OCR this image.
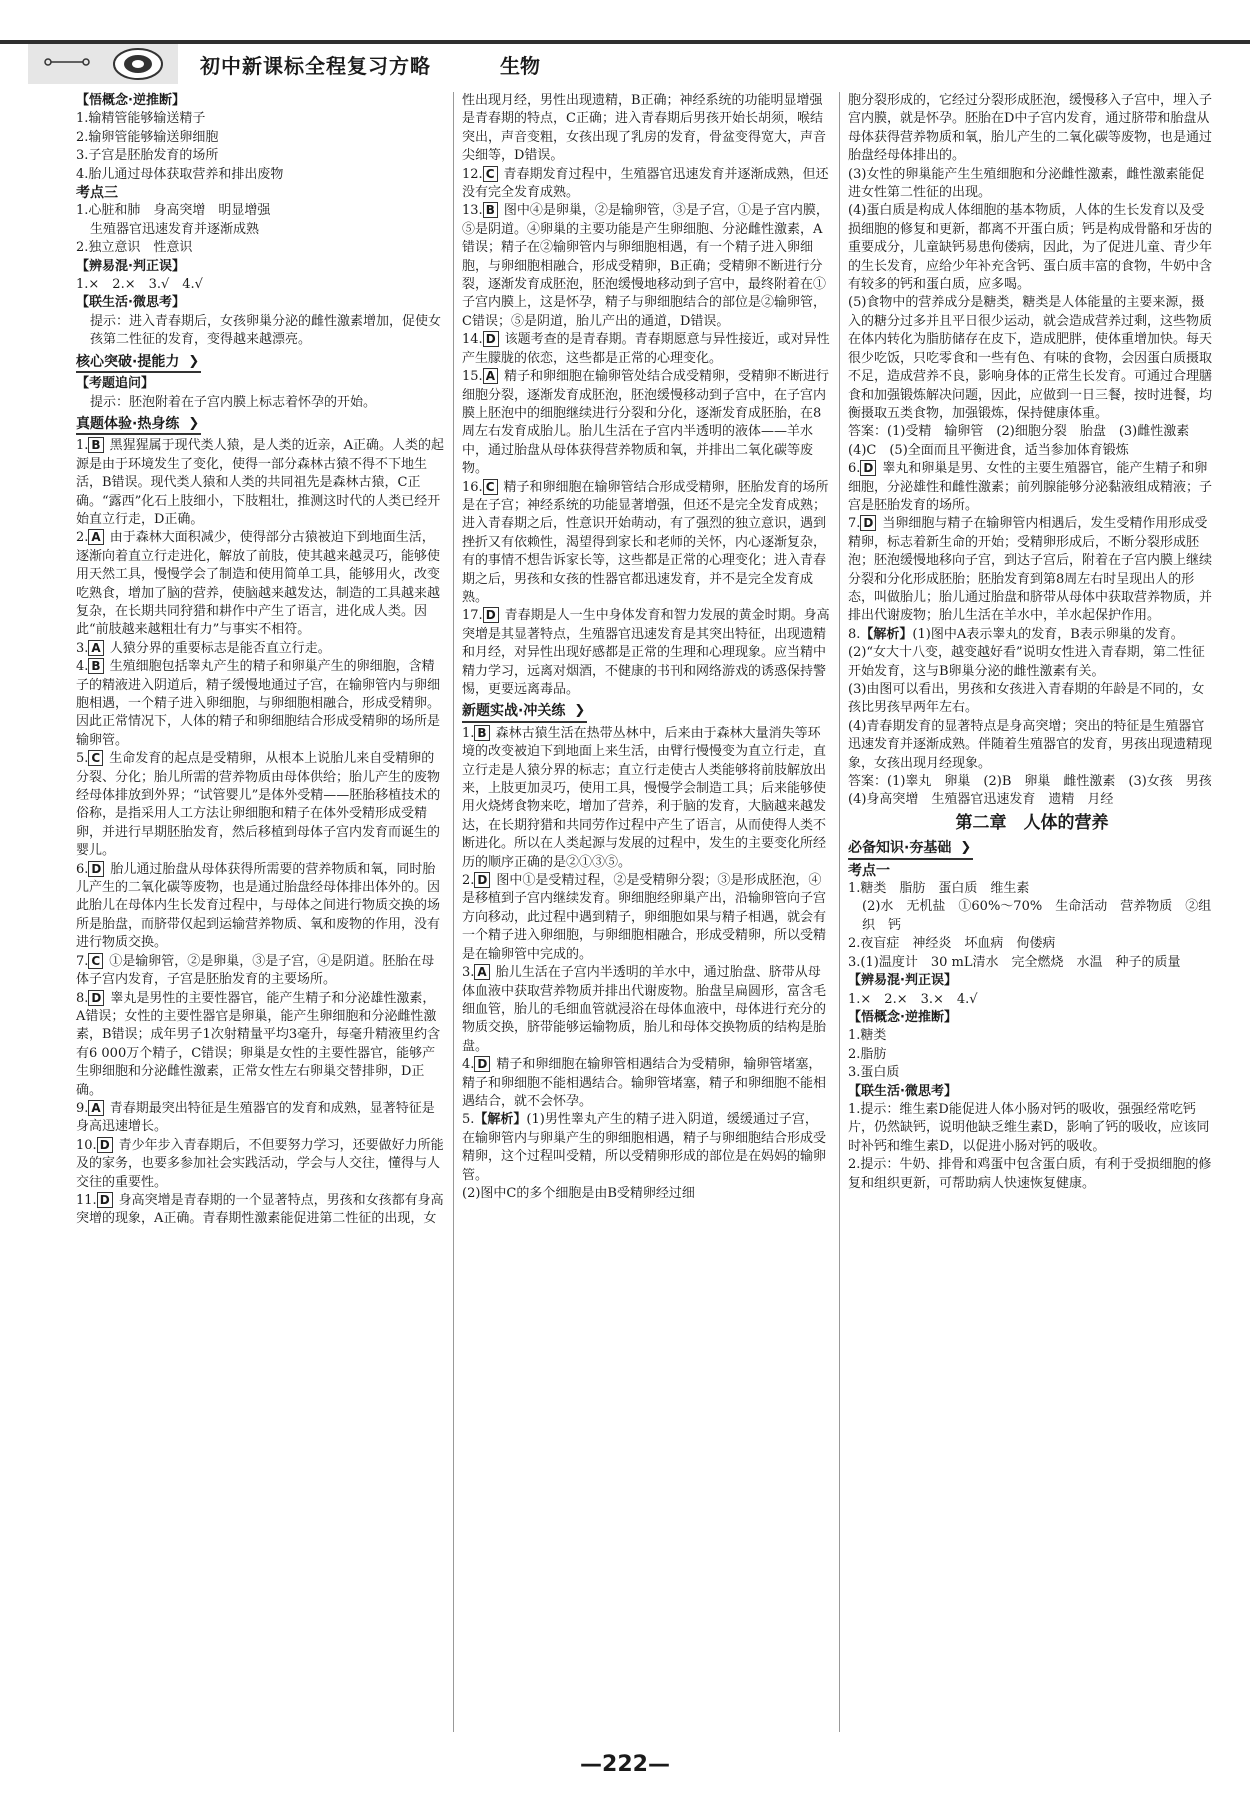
初中新课标全程复习方略	生物

【悟概念·逆推断】

1.输精管能够输送精子

2.输卵管能够输送卵细胞

3.子宫是胚胎发育的场所

4.胎儿通过母体获取营养和排出废物

考点三

1.心脏和肺　身高突增　明显增强

生殖器官迅速发育并逐渐成熟

2.独立意识　性意识

【辨易混·判正误】

1.×　2.×　3.√　4.√

【联生活·微思考】

提示：进入青春期后，女孩卵巢分泌的雌性激素增加，促使女孩第二性征的发育，变得越来越漂亮。

核心突破·提能力 ❯

【考题追问】

提示：胚泡附着在子宫内膜上标志着怀孕的开始。

真题体验·热身练 ❯

1. B 黑猩猩属于现代类人猿，是人类的近亲，A正确。人类的起源是由于环境发生了变化，使得一部分森林古猿不得不下地生活，B错误。现代类人猿和人类的共同祖先是森林古猿，C正确。“露西”化石上肢细小，下肢粗壮，推测这时代的人类已经开始直立行走，D正确。

2. A 由于森林大面积减少，使得部分古猿被迫下到地面生活，逐渐向着直立行走进化，解放了前肢，使其越来越灵巧，能够使用天然工具，慢慢学会了制造和使用简单工具，能够用火，改变吃熟食，增加了脑的营养，使脑越来越发达，制造的工具越来越复杂，在长期共同狩猎和耕作中产生了语言，进化成人类。因此“前肢越来越粗壮有力”与事实不相符。

3. A 人猿分界的重要标志是能否直立行走。

4. B 生殖细胞包括睾丸产生的精子和卵巢产生的卵细胞，含精子的精液进入阴道后，精子缓慢地通过子宫，在输卵管内与卵细胞相遇，一个精子进入卵细胞，与卵细胞相融合，形成受精卵。因此正常情况下，人体的精子和卵细胞结合形成受精卵的场所是输卵管。

5. C 生命发育的起点是受精卵，从根本上说胎儿来自受精卵的分裂、分化；胎儿所需的营养物质由母体供给；胎儿产生的废物经母体排放到外界；“试管婴儿”是体外受精——胚胎移植技术的俗称，是指采用人工方法让卵细胞和精子在体外受精形成受精卵，并进行早期胚胎发育，然后移植到母体子宫内发育而诞生的婴儿。

6. D 胎儿通过胎盘从母体获得所需要的营养物质和氧，同时胎儿产生的二氧化碳等废物，也是通过胎盘经母体排出体外的。因此胎儿在母体内生长发育过程中，与母体之间进行物质交换的场所是胎盘，而脐带仅起到运输营养物质、氧和废物的作用，没有进行物质交换。

7. C ①是输卵管，②是卵巢，③是子宫，④是阴道。胚胎在母体子宫内发育，子宫是胚胎发育的主要场所。

8. D 睾丸是男性的主要性器官，能产生精子和分泌雄性激素，A错误；女性的主要性器官是卵巢，能产生卵细胞和分泌雌性激素，B错误；成年男子1次射精量平均3毫升，每毫升精液里约含有6 000万个精子，C错误；卵巢是女性的主要性器官，能够产生卵细胞和分泌雌性激素，正常女性左右卵巢交替排卵，D正确。

9. A 青春期最突出特征是生殖器官的发育和成熟，显著特征是身高迅速增长。

10. D 青少年步入青春期后，不但要努力学习，还要做好力所能及的家务，也要多参加社会实践活动，学会与人交往，懂得与人交往的重要性。

11. D 身高突增是青春期的一个显著特点，男孩和女孩都有身高突增的现象，A正确。青春期性激素能促进第二性征的出现，女

性出现月经，男性出现遗精，B正确；神经系统的功能明显增强是青春期的特点，C正确；进入青春期后男孩开始长胡须，喉结突出，声音变粗，女孩出现了乳房的发育，骨盆变得宽大，声音尖细等，D错误。

12. C 青春期发育过程中，生殖器官迅速发育并逐渐成熟，但还没有完全发育成熟。

13. B 图中④是卵巢，②是输卵管，③是子宫，①是子宫内膜，⑤是阴道。④卵巢的主要功能是产生卵细胞、分泌雌性激素，A错误；精子在②输卵管内与卵细胞相遇，有一个精子进入卵细胞，与卵细胞相融合，形成受精卵，B正确；受精卵不断进行分裂，逐渐发育成胚泡，胚泡缓慢地移动到子宫中，最终附着在①子宫内膜上，这是怀孕，精子与卵细胞结合的部位是②输卵管，C错误；⑤是阴道，胎儿产出的通道，D错误。

14. D 该题考查的是青春期。青春期愿意与异性接近，或对异性产生朦胧的依恋，这些都是正常的心理变化。

15. A 精子和卵细胞在输卵管处结合成受精卵，受精卵不断进行细胞分裂，逐渐发育成胚泡，胚泡缓慢移动到子宫中，在子宫内膜上胚泡中的细胞继续进行分裂和分化，逐渐发育成胚胎，在8周左右发育成胎儿。胎儿生活在子宫内半透明的液体——羊水中，通过胎盘从母体获得营养物质和氧，并排出二氧化碳等废物。

16. C 精子和卵细胞在输卵管结合形成受精卵，胚胎发育的场所是在子宫；神经系统的功能显著增强，但还不是完全发育成熟；进入青春期之后，性意识开始萌动，有了强烈的独立意识，遇到挫折又有依赖性，渴望得到家长和老师的关怀，内心逐渐复杂，有的事情不想告诉家长等，这些都是正常的心理变化；进入青春期之后，男孩和女孩的性器官都迅速发育，并不是完全发育成熟。

17. D 青春期是人一生中身体发育和智力发展的黄金时期。身高突增是其显著特点，生殖器官迅速发育是其突出特征，出现遗精和月经，对异性出现好感都是正常的生理和心理现象。应当精中精力学习，远离对烟酒，不健康的书刊和网络游戏的诱惑保持警惕，更要远离毒品。

新题实战·冲关练 ❯

1. B 森林古猿生活在热带丛林中，后来由于森林大量消失等环境的改变被迫下到地面上来生活，由臂行慢慢变为直立行走，直立行走是人猿分界的标志；直立行走使古人类能够将前肢解放出来，上肢更加灵巧，使用工具，慢慢学会制造工具；后来能够使用火烧烤食物来吃，增加了营养，利于脑的发育，大脑越来越发达，在长期狩猎和共同劳作过程中产生了语言，从而使得人类不断进化。所以在人类起源与发展的过程中，发生的主要变化所经历的顺序正确的是②①③⑤。

2. D 图中①是受精过程，②是受精卵分裂；③是形成胚泡，④是移植到子宫内继续发育。卵细胞经卵巢产出，沿输卵管向子宫方向移动，此过程中遇到精子，卵细胞如果与精子相遇，就会有一个精子进入卵细胞，与卵细胞相融合，形成受精卵，所以受精是在输卵管中完成的。

3. A 胎儿生活在子宫内半透明的羊水中，通过胎盘、脐带从母体血液中获取营养物质并排出代谢废物。胎盘呈扁圆形，富含毛细血管，胎儿的毛细血管就浸浴在母体血液中，母体进行充分的物质交换，脐带能够运输物质，胎儿和母体交换物质的结构是胎盘。

4. D 精子和卵细胞在输卵管相遇结合为受精卵，输卵管堵塞，精子和卵细胞不能相遇结合。输卵管堵塞，精子和卵细胞不能相遇结合，就不会怀孕。

5.【解析】(1)男性睾丸产生的精子进入阴道，缓缓通过子宫，在输卵管内与卵巢产生的卵细胞相遇，精子与卵细胞结合形成受精卵，这个过程叫受精，所以受精卵形成的部位是在妈妈的输卵管。

(2)图中C的多个细胞是由B受精卵经过细

胞分裂形成的，它经过分裂形成胚泡，缓慢移入子宫中，埋入子宫内膜，就是怀孕。胚胎在D中子宫内发育，通过脐带和胎盘从母体获得营养物质和氧，胎儿产生的二氧化碳等废物，也是通过胎盘经母体排出的。

(3)女性的卵巢能产生生殖细胞和分泌雌性激素，雌性激素能促进女性第二性征的出现。

(4)蛋白质是构成人体细胞的基本物质，人体的生长发育以及受损细胞的修复和更新，都离不开蛋白质；钙是构成骨骼和牙齿的重要成分，儿童缺钙易患佝偻病，因此，为了促进儿童、青少年的生长发育，应给少年补充含钙、蛋白质丰富的食物，牛奶中含有较多的钙和蛋白质，应多喝。

(5)食物中的营养成分是糖类，糖类是人体能量的主要来源，摄入的糖分过多并且平日很少运动，就会造成营养过剩，这些物质在体内转化为脂肪储存在皮下，造成肥胖，使体重增加快。每天很少吃饭，只吃零食和一些有色、有味的食物，会因蛋白质摄取不足，造成营养不良，影响身体的正常生长发育。可通过合理膳食和加强锻炼解决问题，因此，应做到一日三餐，按时进餐，均衡摄取五类食物，加强锻炼，保持健康体重。

答案：(1)受精　输卵管　(2)细胞分裂　胎盘　(3)雌性激素　(4)C　(5)全面而且平衡进食，适当参加体育锻炼

6. D 睾丸和卵巢是男、女性的主要生殖器官，能产生精子和卵细胞，分泌雄性和雌性激素；前列腺能够分泌黏液组成精液；子宫是胚胎发育的场所。

7. D 当卵细胞与精子在输卵管内相遇后，发生受精作用形成受精卵，标志着新生命的开始；受精卵形成后，不断分裂形成胚泡；胚泡缓慢地移向子宫，到达子宫后，附着在子宫内膜上继续分裂和分化形成胚胎；胚胎发育到第8周左右时呈现出人的形态，叫做胎儿；胎儿通过胎盘和脐带从母体中获取营养物质，并排出代谢废物；胎儿生活在羊水中，羊水起保护作用。

8.【解析】(1)图中A表示睾丸的发育，B表示卵巢的发育。

(2)“女大十八变，越变越好看”说明女性进入青春期，第二性征开始发育，这与B卵巢分泌的雌性激素有关。

(3)由图可以看出，男孩和女孩进入青春期的年龄是不同的，女孩比男孩早两年左右。

(4)青春期发育的显著特点是身高突增；突出的特征是生殖器官迅速发育并逐渐成熟。伴随着生殖器官的发育，男孩出现遗精现象，女孩出现月经现象。

答案：(1)睾丸　卵巢　(2)B　卵巢　雌性激素　(3)女孩　男孩　(4)身高突增　生殖器官迅速发育　遗精　月经

第二章　人体的营养

必备知识·夯基础 ❯

考点一

1.糖类　脂肪　蛋白质　维生素

(2)水　无机盐　①60%～70%　生命活动　营养物质　②组织　钙

2.夜盲症　神经炎　坏血病　佝偻病

3.(1)温度计　30 mL清水　完全燃烧　水温　种子的质量

【辨易混·判正误】

1.×　2.×　3.×　4.√

【悟概念·逆推断】

1.糖类

2.脂肪

3.蛋白质

【联生活·微思考】

1.提示：维生素D能促进人体小肠对钙的吸收，强强经常吃钙片，仍然缺钙，说明他缺乏维生素D，影响了钙的吸收，应该同时补钙和维生素D，以促进小肠对钙的吸收。

2.提示：牛奶、排骨和鸡蛋中包含蛋白质，有利于受损细胞的修复和组织更新，可帮助病人快速恢复健康。

—222—
